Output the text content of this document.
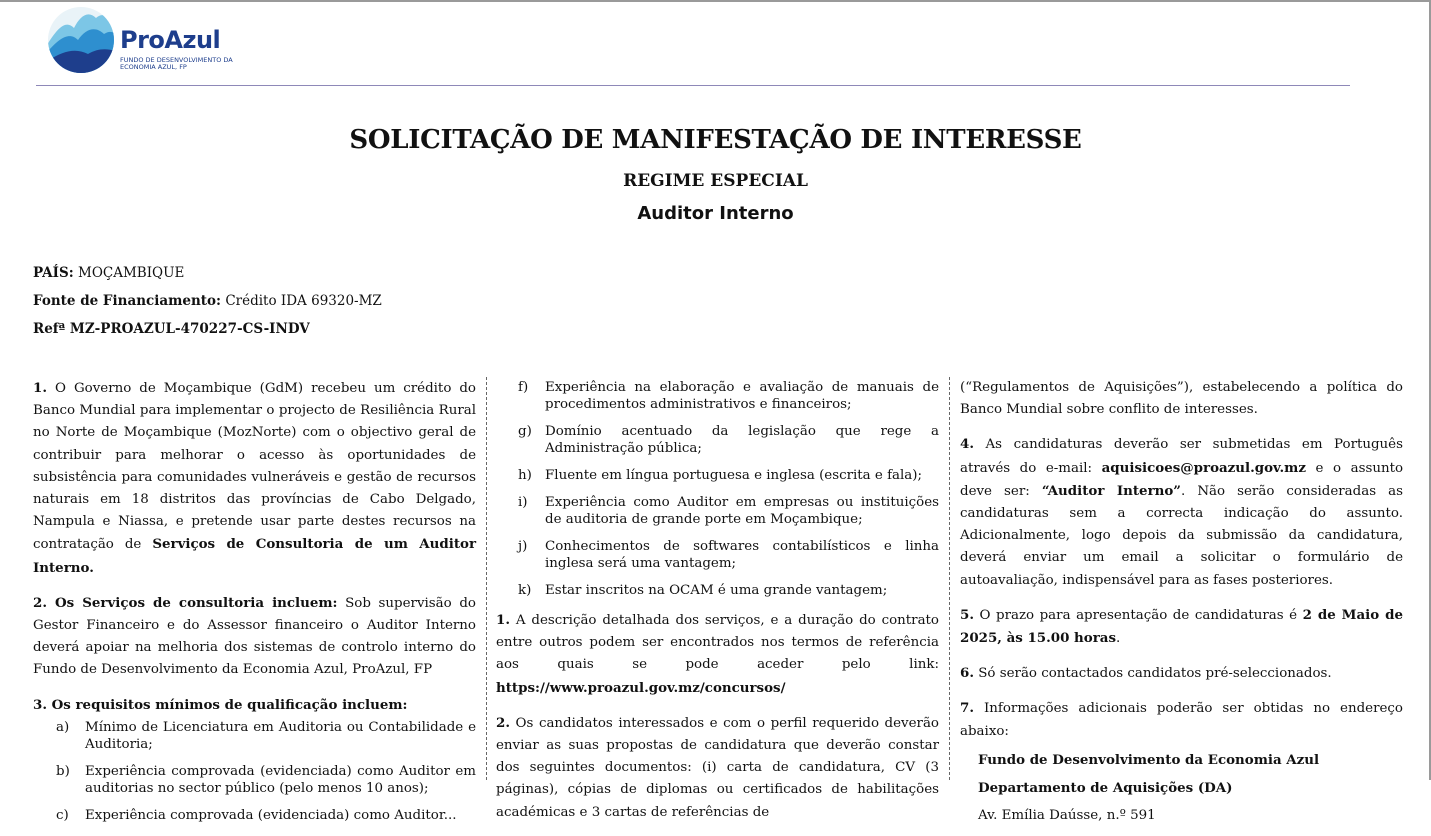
ProAzul
FUNDO DE DESENVOLVIMENTO DA ECONOMIA AZUL, FP
SOLICITAÇÃO DE MANIFESTAÇÃO DE INTERESSE
REGIME ESPECIAL
Auditor Interno
PAÍS: MOÇAMBIQUE
Fonte de Financiamento: Crédito IDA 69320-MZ
Refª MZ-PROAZUL-470227-CS-INDV

1. O Governo de Moçambique (GdM) recebeu um crédito do Banco Mundial para implementar o projecto de Resiliência Rural no Norte de Moçambique (MozNorte) com o objectivo geral de contribuir para melhorar o acesso às oportunidades de subsistência para comunidades vulneráveis e gestão de recursos naturais em 18 distritos das províncias de Cabo Delgado, Nampula e Niassa, e pretende usar parte destes recursos na contratação de Serviços de Consultoria de um Auditor Interno.

2. Os Serviços de consultoria incluem: Sob supervisão do Gestor Financeiro e do Assessor financeiro o Auditor Interno deverá apoiar na melhoria dos sistemas de controlo interno do Fundo de Desenvolvimento da Economia Azul, ProAzul, FP

3. Os requisitos mínimos de qualificação incluem:

a) Mínimo de Licenciatura em Auditoria ou Contabilidade e Auditoria;
b) Experiência comprovada (evidenciada) como Auditor em auditorias no sector público (pelo menos 10 anos);
c) Experiência comprovada (evidenciada) como Auditor...
f) Experiência na elaboração e avaliação de manuais de procedimentos administrativos e financeiros;
g) Domínio acentuado da legislação que rege a Administração pública;
h) Fluente em língua portuguesa e inglesa (escrita e fala);
i) Experiência como Auditor em empresas ou instituições de auditoria de grande porte em Moçambique;
j) Conhecimentos de softwares contabilísticos e linha inglesa será uma vantagem;
k) Estar inscritos na OCAM é uma grande vantagem;

1. A descrição detalhada dos serviços, e a duração do contrato entre outros podem ser encontrados nos termos de referência aos quais se pode aceder pelo link: https://www.proazul.gov.mz/concursos/

2. Os candidatos interessados e com o perfil requerido deverão enviar as suas propostas de candidatura que deverão constar dos seguintes documentos: (i) carta de candidatura, CV (3 páginas), cópias de diplomas ou certificados de habilitações académicas e 3 cartas de referências de

(“Regulamentos de Aquisições”), estabelecendo a política do Banco Mundial sobre conflito de interesses.

4. As candidaturas deverão ser submetidas em Português através do e-mail: aquisicoes@proazul.gov.mz e o assunto deve ser: “Auditor Interno”. Não serão consideradas as candidaturas sem a correcta indicação do assunto. Adicionalmente, logo depois da submissão da candidatura, deverá enviar um email a solicitar o formulário de autoavaliação, indispensável para as fases posteriores.

5. O prazo para apresentação de candidaturas é 2 de Maio de 2025, às 15.00 horas.

6. Só serão contactados candidatos pré-seleccionados.

7. Informações adicionais poderão ser obtidas no endereço abaixo:

Fundo de Desenvolvimento da Economia Azul
Departamento de Aquisições (DA)
Av. Emília Daússe, n.º 591
